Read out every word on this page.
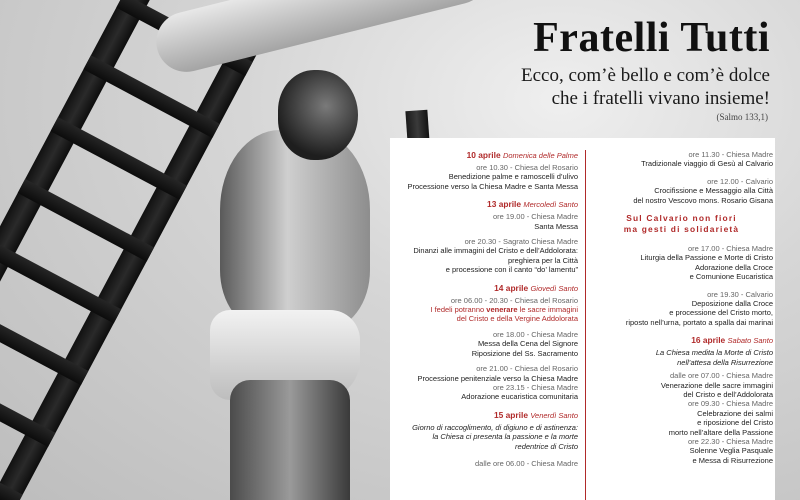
Fratelli Tutti
Ecco, com’è bello e com’è dolce
che i fratelli vivano insieme!
(Salmo 133,1)
10 aprile Domenica delle Palme
ore 10.30 - Chiesa del Rosario
Benedizione palme e ramoscelli d’ulivo
Processione verso la Chiesa Madre e Santa Messa
13 aprile Mercoledì Santo
ore 19.00 - Chiesa Madre
Santa Messa
ore 20.30 - Sagrato Chiesa Madre
Dinanzi alle immagini del Cristo e dell’Addolorata:
preghiera per la Città
e processione con il canto “do’ lamentu”
14 aprile Giovedì Santo
ore 06.00 - 20.30 - Chiesa del Rosario
I fedeli potranno venerare le sacre immagini
del Cristo e della Vergine Addolorata
ore 18.00 - Chiesa Madre
Messa della Cena del Signore
Riposizione del Ss. Sacramento
ore 21.00 - Chiesa del Rosario
Processione penitenziale verso la Chiesa Madre
ore 23.15 - Chiesa Madre
Adorazione eucaristica comunitaria
15 aprile Venerdì Santo
Giorno di raccoglimento, di digiuno e di astinenza:
la Chiesa ci presenta la passione e la morte
redentrice di Cristo
dalle ore 06.00 - Chiesa Madre
ore 11.30 - Chiesa Madre
Tradizionale viaggio di Gesù al Calvario
ore 12.00 - Calvario
Crocifissione e Messaggio alla Città
del nostro Vescovo mons. Rosario Gisana
Sul Calvario non fiori
ma gesti di solidarietà
ore 17.00 - Chiesa Madre
Liturgia della Passione e Morte di Cristo
Adorazione della Croce
e Comunione Eucaristica
ore 19.30 - Calvario
Deposizione dalla Croce
e processione del Cristo morto,
riposto nell’urna, portato a spalla dai marinai
16 aprile Sabato Santo
La Chiesa medita la Morte di Cristo
nell’attesa della Risurrezione
dalle ore 07.00 - Chiesa Madre
Venerazione delle sacre immagini
del Cristo e dell’Addolorata
ore 09.30 - Chiesa Madre
Celebrazione dei salmi
e riposizione del Cristo
morto nell’altare della Passione
ore 22.30 - Chiesa Madre
Solenne Veglia Pasquale
e Messa di Risurrezione
